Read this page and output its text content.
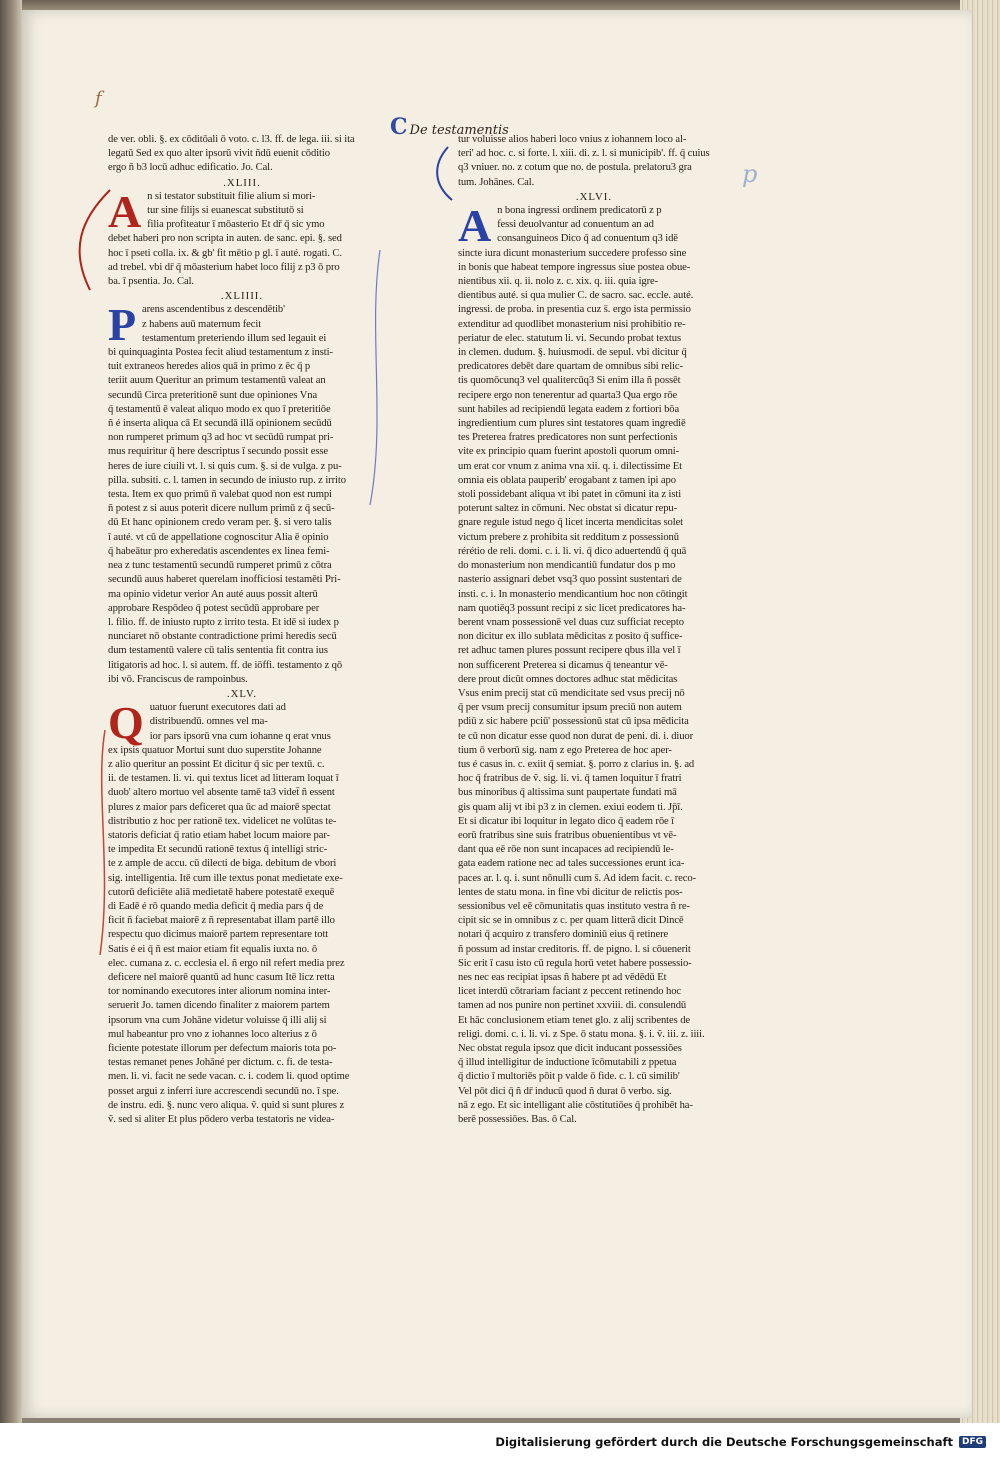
C De testamentis

de ver. obli. §. ex cōditōali ō voto. c. l3. ff. de lega. iii. si ita

legatū Sed ex quo alter ipsorū vivit ñdū euenit cōditio

ergo ñ b3 locū adhuc edificatio. Jo. Cal.

.XLIII.

A n si testator substituit filie alium si mori-

tur sine filijs si euanescat substitutō si

filia profiteatur ī mōasterio Et dr̄ q̄ sic ymo

debet haberi pro non scripta in auten. de sanc. epi. §. sed

hoc ī pseti colla. ix. & gb' fit mētio p gl. ī auté. rogati. C.

ad trebel. vbi dr̄ q̄ mōasterium habet loco filij z p3 ō pro

ba. ī psentia. Jo. Cal.

.XLIIII.

P arens ascendentibus z descendētib'

z habens auū maternum fecit

testamentum preteriendo illum sed legauit ei

bi quinquaginta Postea fecit aliud testamentum z insti-

tuit extraneos heredes alios quā in primo z ēc q̄ p

teriit auum Queritur an primum testamentū valeat an

secundū Circa preteritionē sunt due opiniones Vna

q̄ testamentū ē valeat aliquo modo ex quo ī preteritiōe

ñ é inserta aliqua cā Et secundā illā opinionem secūdū

non rumperet primum q3 ad hoc vt secūdū rumpat pri-

mus requiritur q̄ here descriptus ī secundo possit esse

heres de iure ciuili vt. l. si quis cum. §. si de vulga. z pu-

pilla. subsiti. c. l. tamen in secundo de iniusto rup. z irrito

testa. Item ex quo primū ñ valebat quod non est rumpi

ñ potest z si auus poterit dicere nullum primū z q̄ secū-

dū Et hanc opinionem credo veram per. §. si vero talis

ī auté. vt cū de appellatione cognoscitur Alia ē opinio

q̄ habeātur pro exheredatis ascendentes ex linea femi-

nea z tunc testamentū secundū rumperet primū z cōtra

secundū auus haberet querelam inofficiosi testamēti Pri-

ma opinio videtur verior An auté auus possit alterū

approbare Respōdeo q̄ potest secūdū approbare per

l. filio. ff. de iniusto rupto z irrito testa. Et idē si iudex p

nunciaret nō obstante contradictione primi heredis secū

dum testamentū valere cū talis sententia fit contra ius

litigatoris ad hoc. l. si autem. ff. de iōffi. testamento z qō

ibi vō. Franciscus de rampoinbus.

.XLV.

Q uatuor fuerunt executores dati ad

distribuendū. omnes vel ma-

ior pars ipsorū vna cum iohanne q erat vnus

ex ipsis quatuor Mortui sunt duo superstite Johanne

z alio queritur an possint Et dicitur q̄ sic per textū. c.

ii. de testamen. li. vi. qui textus licet ad litteram loquat ī

duob' altero mortuo vel absente tamē ta3 videt̄ ñ essent

plures z maior pars deficeret qua ūc ad maiorē spectat

distributio z hoc per rationē tex. videlicet ne volūtas te-

statoris deficiat q̄ ratio etiam habet locum maiore par-

te impedita Et secundū rationē textus q̄ intelligi stric-

te z ample de accu. cū dilecti de biga. debitum de vbori

sig. intelligentia. Itē cum ille textus ponat medietate exe-

cutorū deficiēte aliā medietatē habere potestatē exequē

di Eadē é rō quando media deficit q̄ media pars q̄ de

ficit ñ faciebat maiorē z ñ representabat illam partē illo

respectu quo dicimus maiorē partem representare tott

Satis é ei q̄ ñ est maior etiam fit equalis iuxta no. ō

elec. cumana z. c. ecclesia el. ñ ergo nil refert media prez

deficere nel maiorē quantū ad hunc casum Itē licz retta

tor nominando executores inter aliorum nomina inter-

seruerit Jo. tamen dicendo finaliter z maiorem partem

ipsorum vna cum Johāne videtur voluisse q̄ illi alij si

mul habeantur pro vno z iohannes loco alterius z ō

ficiente potestate illorum per defectum maioris tota po-

testas remanet penes Johāné per dictum. c. fi. de testa-

men. li. vi. facit ne sede vacan. c. i. codem li. quod optime

posset argui z inferri iure accrescendi secundū no. ī spe.

de instru. edi. §. nunc vero aliqua. ṽ. quid si sunt plures z

ṽ. sed si aliter Et plus pōdero verba testatoris ne videa-

tur voluisse alios haberi loco vnius z iohannem loco al-

teri' ad hoc. c. si forte. l. xiii. di. z. l. si municipib'. ff. q̄ cuius

q3 vniuer. no. z cotum que no. de postula. prelatoru3 gra

tum. Johānes. Cal.

.XLVI.

A n bona ingressi ordinem predicatorū z p

fessi deuolvantur ad conuentum an ad

consanguineos Dico q̄ ad conuentum q3 idē

sincte iura dicunt monasterium succedere professo sine

in bonis que habeat tempore ingressus siue postea obue-

nientibus xii. q. ii. nolo z. c. xix. q. iii. quia igre-

dientibus auté. si qua mulier C. de sacro. sac. eccle. auté.

ingressi. de proba. in presentia cuz s̄. ergo ista permissio

extenditur ad quodlibet monasterium nisi prohibitio re-

periatur de elec. statutum li. vi. Secundo probat textus

in clemen. dudum. §. huiusmodi. de sepul. vbi dicitur q̄

predicatores debēt dare quartam de omnibus sibi relic-

tis quomōcunq3 vel qualitercūq3 Si enim illa ñ possēt

recipere ergo non tenerentur ad quarta3 Qua ergo rōe

sunt habiles ad recipiendū legata eadem z fortiori bōa

ingredientium cum plures sint testatores quam ingrediē

tes Preterea fratres predicatores non sunt perfectionis

vite ex principio quam fuerint apostoli quorum omni-

um erat cor vnum z anima vna xii. q. i. dilectissime Et

omnia eis oblata pauperib' erogabant z tamen ipi apo

stoli possidebant aliqua vt ibi patet in cōmuni ita z isti

poterunt saltez in cōmuni. Nec obstat si dicatur repu-

gnare regule istud nego q̄ licet incerta mendicitas solet

victum prebere z prohibita sit redditum z possessionū

rérétio de reli. domi. c. i. li. vi. q̄ dico aduertendū q̄ quā

do monasterium non mendicantiū fundatur dos p mo

nasterio assignari debet vsq3 quo possint sustentari de

insti. c. i. In monasterio mendicantium hoc non cōtingit

nam quotiēq3 possunt recipi z sic licet predicatores ha-

berent vnam possessionē vel duas cuz sufficiat recepto

non dicitur ex illo sublata mēdicitas z posito q̄ suffice-

ret adhuc tamen plures possunt recipere qbus illa vel ī

non sufficerent Preterea si dicamus q̄ teneantur vē-

dere prout dicūt omnes doctores adhuc stat mēdicitas

Vsus enim precij stat cū mendicitate sed vsus precij nō

q̄ per vsum precij consumitur ipsum preciū non autem

pdiū z sic habere pciū' possessionū stat cū ipsa mēdicita

te cū non dicatur esse quod non durat de peni. di. i. diuor

tium ō verborū sig. nam z ego Preterea de hoc aper-

tus é casus in. c. exiit q̄ semiat. §. porro z clarius in. §. ad

hoc q̄ fratribus de ṽ. sig. li. vi. q̄ tamen loquitur ī fratri

bus minoribus q̄ altissima sunt paupertate fundati mā

gis quam alij vt ibi p3 z in clemen. exiui eodem ti. Jp̄ī.

Et si dicatur ibi loquitur in legato dico q̄ eadem rōe ī

eorū fratribus sine suis fratribus obuenientibus vt vē-

dant qua eē rōe non sunt incapaces ad recipiendū le-

gata eadem ratione nec ad tales successiones erunt ica-

paces ar. l. q. i. sunt nōnulli cum s̄. Ad idem facit. c. reco-

lentes de statu mona. in fine vbi dicitur de relictis pos-

sessionibus vel eē cōmunitatis quas instituto vestra ñ re-

cipit sic se in omnibus z c. per quam litterā dicit Dincē

notari q̄ acquiro z transfero dominiū eius q̄ retinere

ñ possum ad instar creditoris. ff. de pigno. l. si cōuenerit

Sic erit ī casu isto cū regula horū vetet habere possessio-

nes nec eas recipiat ipsas ñ habere pt ad vēdēdū Et

licet interdū cōtrariam faciant z peccent retinendo hoc

tamen ad nos punire non pertinet xxviii. di. consulendū

Et hāc conclusionem etiam tenet glo. z alij scribentes de

religi. domi. c. i. li. vi. z Spe. ō statu mona. §. i. ṽ. iii. z. iiii.

Nec obstat regula ipsoz que dicit inducant possessiōes

q̄ illud intelligitur de inductione īcōmutabili z ppetua

q̄ dictio ī multoriēs pōit p valde ō fide. c. l. cū similib'

Vel pōt dici q̄ ñ dr̄ inducū quod ñ durat ō verbo. sig.

nā z ego. Et sic intelligant alie cōstitutiōes q̄ prohibēt ha-

berē possessiōes. Bas. ō Cal.

f
p
Digitalisierung gefördert durch die Deutsche Forschungsgemeinschaft	DFG
